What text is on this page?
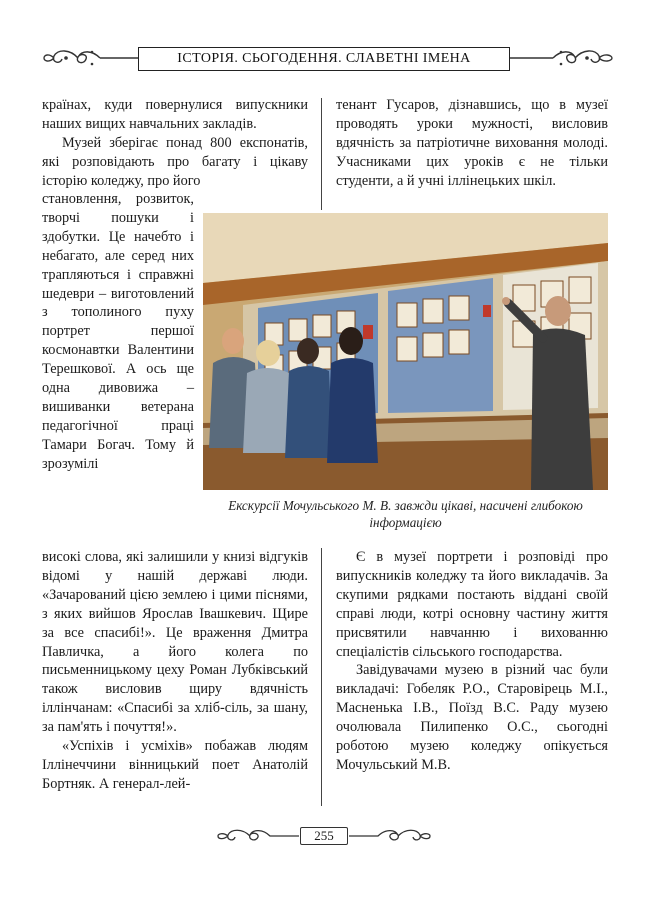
ІСТОРІЯ. СЬОГОДЕННЯ. СЛАВЕТНІ ІМЕНА

країнах, куди повернулися випускники наших вищих навчальних закладів.

Музей зберігає понад 800 експонатів, які розповідають про багату і цікаву історію коледжу, про його

становлення, розвиток, творчі пошуки і здобутки. Це начебто і небагато, але серед них трапляються і справжні шедеври – виготовлений з тополиного пуху портрет першої космонавтки Валентини Терешкової. А ось ще одна дивовижа – вишиванки ветерана педагогічної праці Тамари Богач. Тому й зрозумілі

високі слова, які залишили у книзі відгуків відомі у нашій державі люди. «Зачарований цією землею і цими піснями, з яких вийшов Ярослав Івашкевич. Щире за все спасибі!». Це враження Дмитра Павличка, а його колега по письменницькому цеху Роман Лубківський також висловив щиру вдячність іллінчанам: «Спасибі за хліб-сіль, за шану, за пам'ять і почуття!».

«Успіхів і усміхів» побажав людям Іллінеччини вінницький поет Анатолій Бортняк. А генерал-лей-

тенант Гусаров, дізнавшись, що в музеї проводять уроки мужності, висловив вдячність за патріотичне виховання молоді. Учасниками цих уроків є не тільки студенти, а й учні іллінецьких шкіл.

Є в музеї портрети і розповіді про випускників коледжу та його викладачів. За скупими рядками постають віддані своїй справі люди, котрі основну частину життя присвятили навчанню і вихованню спеціалістів сільського господарства.

Завідувачами музею в різний час були викладачі: Гобеляк Р.О., Старовірець М.І., Масненька І.В., Поїзд В.С. Раду музею очолювала Пилипенко О.С., сьогодні роботою музею коледжу опікується Мочульський М.В.

Екскурсії Мочульського М. В. завжди цікаві, насичені глибокою інформацією
255
